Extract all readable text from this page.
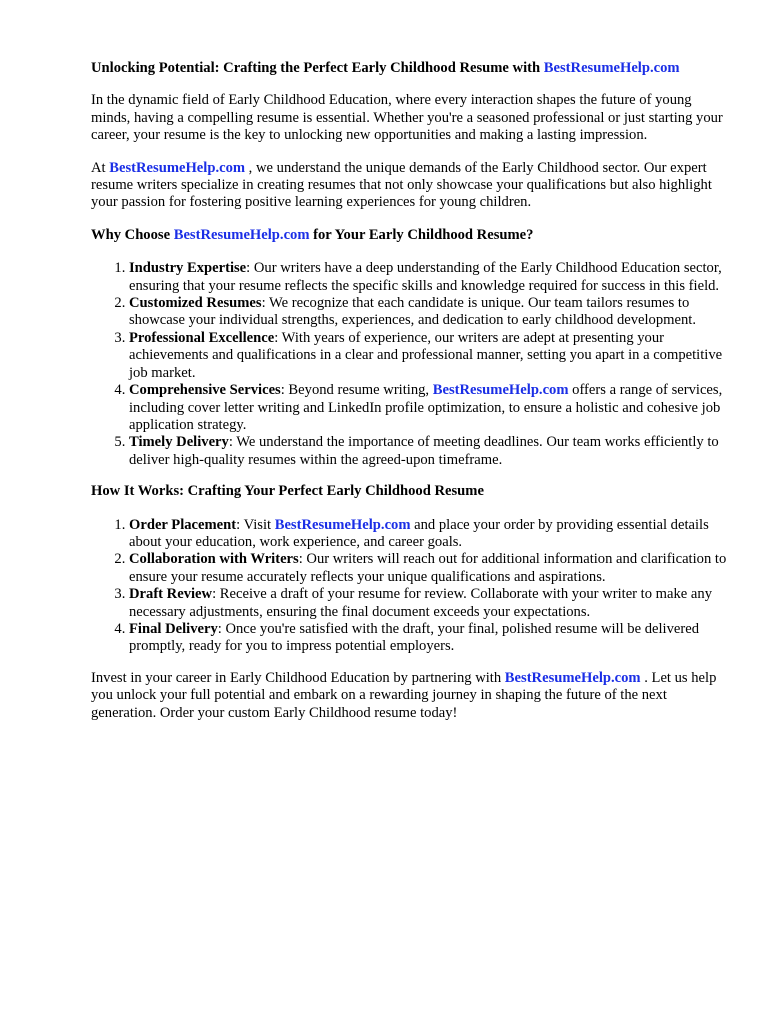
Unlocking Potential: Crafting the Perfect Early Childhood Resume with BestResumeHelp.com

In the dynamic field of Early Childhood Education, where every interaction shapes the future of young minds, having a compelling resume is essential. Whether you're a seasoned professional or just starting your career, your resume is the key to unlocking new opportunities and making a lasting impression.

At BestResumeHelp.com , we understand the unique demands of the Early Childhood sector. Our expert resume writers specialize in creating resumes that not only showcase your qualifications but also highlight your passion for fostering positive learning experiences for young children.

Why Choose BestResumeHelp.com for Your Early Childhood Resume?

1. Industry Expertise: Our writers have a deep understanding of the Early Childhood Education sector, ensuring that your resume reflects the specific skills and knowledge required for success in this field.
2. Customized Resumes: We recognize that each candidate is unique. Our team tailors resumes to showcase your individual strengths, experiences, and dedication to early childhood development.
3. Professional Excellence: With years of experience, our writers are adept at presenting your achievements and qualifications in a clear and professional manner, setting you apart in a competitive job market.
4. Comprehensive Services: Beyond resume writing, BestResumeHelp.com offers a range of services, including cover letter writing and LinkedIn profile optimization, to ensure a holistic and cohesive job application strategy.
5. Timely Delivery: We understand the importance of meeting deadlines. Our team works efficiently to deliver high-quality resumes within the agreed-upon timeframe.

How It Works: Crafting Your Perfect Early Childhood Resume

1. Order Placement: Visit BestResumeHelp.com and place your order by providing essential details about your education, work experience, and career goals.
2. Collaboration with Writers: Our writers will reach out for additional information and clarification to ensure your resume accurately reflects your unique qualifications and aspirations.
3. Draft Review: Receive a draft of your resume for review. Collaborate with your writer to make any necessary adjustments, ensuring the final document exceeds your expectations.
4. Final Delivery: Once you're satisfied with the draft, your final, polished resume will be delivered promptly, ready for you to impress potential employers.

Invest in your career in Early Childhood Education by partnering with BestResumeHelp.com . Let us help you unlock your full potential and embark on a rewarding journey in shaping the future of the next generation. Order your custom Early Childhood resume today!
